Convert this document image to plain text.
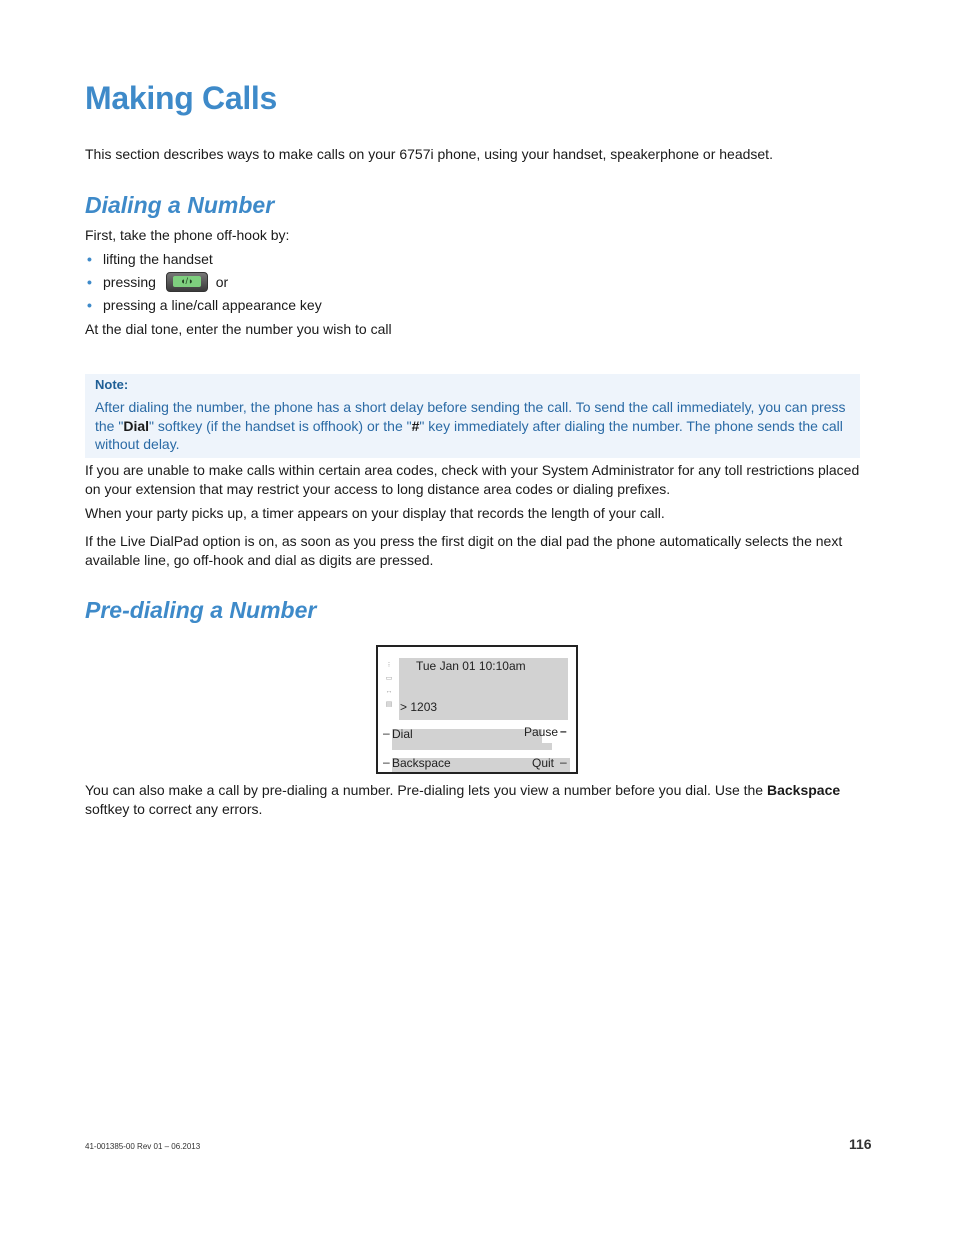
Making Calls

This section describes ways to make calls on your 6757i phone, using your handset, speakerphone or headset.

Dialing a Number

First, take the phone off-hook by:

• lifting the handset
• pressing	◖/◗	or
• pressing a line/call appearance key

At the dial tone, enter the number you wish to call

Note:
After dialing the number, the phone has a short delay before sending the call. To send the call immediately, you can press the "Dial" softkey (if the handset is offhook) or the "#" key immediately after dialing the number. The phone sends the call without delay.

If you are unable to make calls within certain area codes, check with your System Administrator for any toll restrictions placed on your extension that may restrict your access to long distance area codes or dialing prefixes.

When your party picks up, a timer appears on your display that records the length of your call.

If the Live DialPad option is on, as soon as you press the first digit on the dial pad the phone automatically selects the next available line, go off-hook and dial as digits are pressed.

Pre-dialing a Number
⁝
▭
↔
▤
Tue Jan 01 10:10am
> 1203
– Dial	Pause –
– Backspace	Quit –

You can also make a call by pre-dialing a number. Pre-dialing lets you view a number before you dial. Use the Backspace softkey to correct any errors.

41-001385-00 Rev 01 – 06.2013	116
